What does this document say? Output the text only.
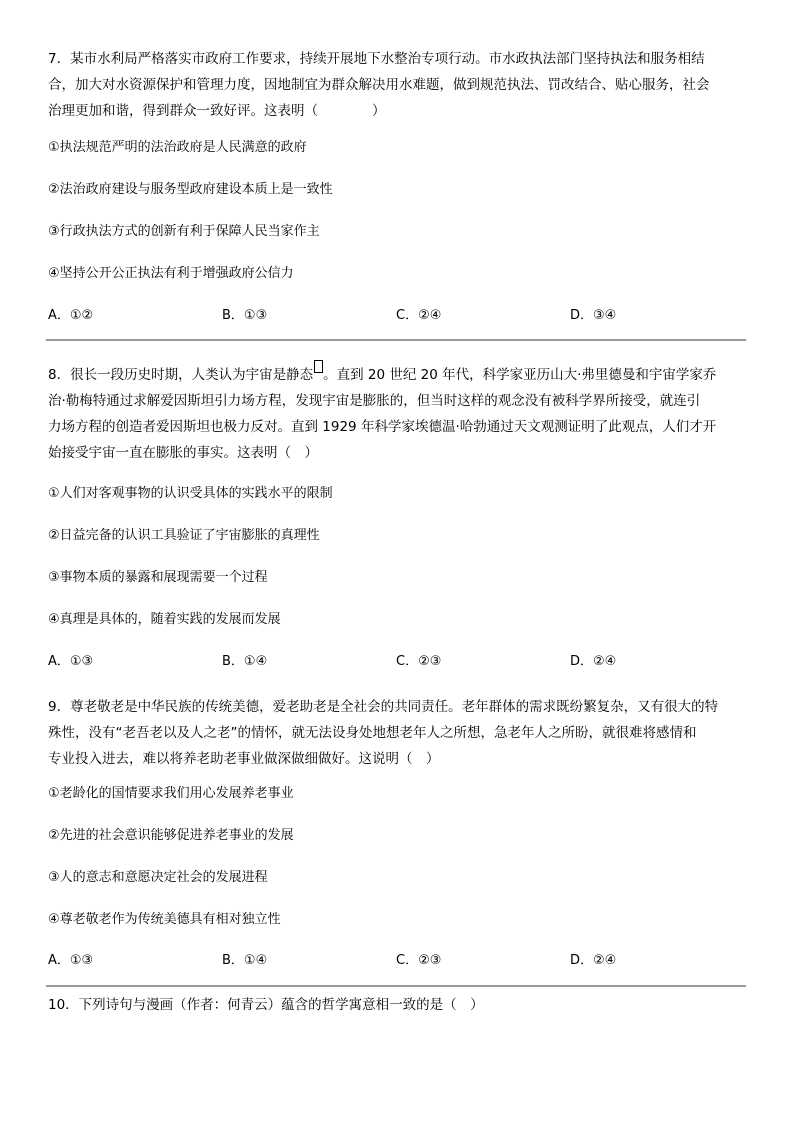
7．某市水利局严格落实市政府工作要求，持续开展地下水整治专项行动。市水政执法部门坚持执法和服务相结

合，加大对水资源保护和管理力度，因地制宜为群众解决用水难题，做到规范执法、罚改结合、贴心服务，社会

治理更加和谐，得到群众一致好评。这表明（　　　　）

①执法规范严明的法治政府是人民满意的政府

②法治政府建设与服务型政府建设本质上是一致性

③行政执法方式的创新有利于保障人民当家作主

④坚持公开公正执法有利于增强政府公信力

A．①②	B．①③	C．②④	D．③④

8．很长一段历史时期，人类认为宇宙是静态 。直到 20 世纪 20 年代，科学家亚历山大·弗里德曼和宇宙学家乔

治·勒梅特通过求解爱因斯坦引力场方程，发现宇宙是膨胀的，但当时这样的观念没有被科学界所接受，就连引

力场方程的创造者爱因斯坦也极力反对。直到 1929 年科学家埃德温·哈勃通过天文观测证明了此观点，人们才开

始接受宇宙一直在膨胀的事实。这表明（　）

①人们对客观事物的认识受具体的实践水平的限制

②日益完备的认识工具验证了宇宙膨胀的真理性

③事物本质的暴露和展现需要一个过程

④真理是具体的，随着实践的发展而发展

A．①③	B．①④	C．②③	D．②④

9．尊老敬老是中华民族的传统美德，爱老助老是全社会的共同责任。老年群体的需求既纷繁复杂，又有很大的特

殊性，没有“老吾老以及人之老”的情怀，就无法设身处地想老年人之所想，急老年人之所盼，就很难将感情和

专业投入进去，难以将养老助老事业做深做细做好。这说明（　）

①老龄化的国情要求我们用心发展养老事业

②先进的社会意识能够促进养老事业的发展

③人的意志和意愿决定社会的发展进程

④尊老敬老作为传统美德具有相对独立性

A．①③	B．①④	C．②③	D．②④

10．下列诗句与漫画（作者：何青云）蕴含的哲学寓意相一致的是（　）
